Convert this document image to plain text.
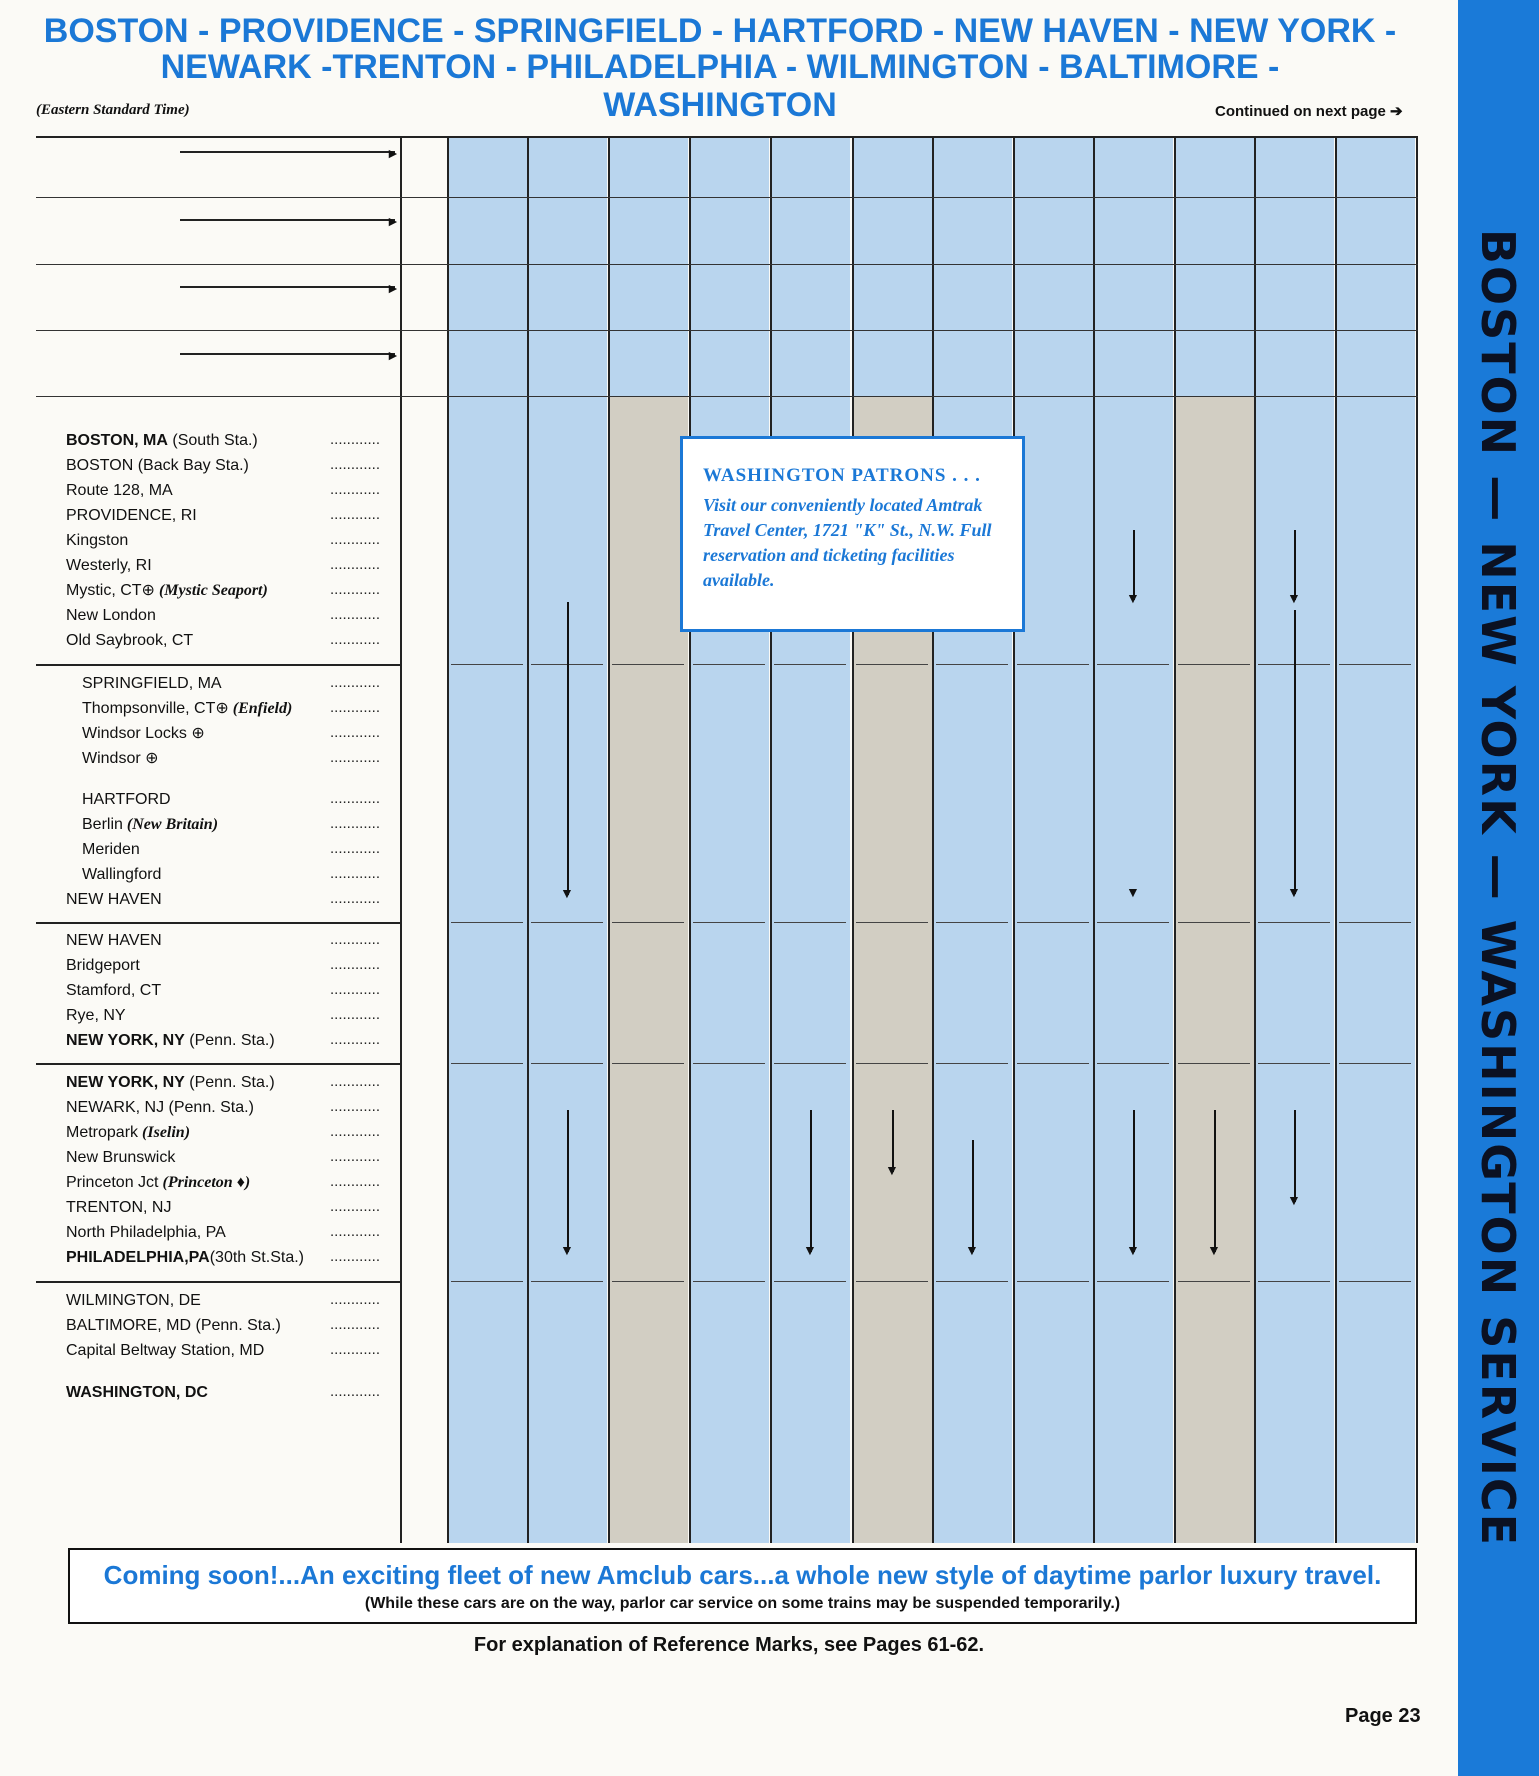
BOSTON - PROVIDENCE - SPRINGFIELD - HARTFORD - NEW HAVEN - NEW YORK -
NEWARK -TRENTON - PHILADELPHIA - WILMINGTON - BALTIMORE - WASHINGTON
(Eastern Standard Time)	Continued on next page ➔
BOSTON — NEW YORK — WASHINGTON SERVICE
►
►
►
►
BOSTON, MA (South Sta.)	............
BOSTON (Back Bay Sta.)	............
Route 128, MA	............
PROVIDENCE, RI	............
Kingston	............
Westerly, RI	............
Mystic, CT⊕ (Mystic Seaport)	............
New London	............
Old Saybrook, CT	............
SPRINGFIELD, MA	............
Thompsonville, CT⊕ (Enfield)	............
Windsor Locks ⊕	............
Windsor ⊕	............
HARTFORD	............
Berlin (New Britain)	............
Meriden	............
Wallingford	............
NEW HAVEN	............
NEW HAVEN	............
Bridgeport	............
Stamford, CT	............
Rye, NY	............
NEW YORK, NY (Penn. Sta.)	............
NEW YORK, NY (Penn. Sta.)	............
NEWARK, NJ (Penn. Sta.)	............
Metropark (Iselin)	............
New Brunswick	............
Princeton Jct (Princeton ♦)	............
TRENTON, NJ	............
North Philadelphia, PA	............
PHILADELPHIA,PA(30th St.Sta.)	............
WILMINGTON, DE	............
BALTIMORE, MD (Penn. Sta.)	............
Capital Beltway Station, MD	............
WASHINGTON, DC	............
▼
▼	▼
▼	▼
▼	▼
▼
▼	▼	▼
▼
WASHINGTON PATRONS . . .
Visit our conveniently located Amtrak Travel Center, 1721 "K" St., N.W. Full reservation and ticketing facilities available.
Coming soon!...An exciting fleet of new Amclub cars...a whole new style of daytime parlor luxury travel.
(While these cars are on the way, parlor car service on some trains may be suspended temporarily.)
For explanation of Reference Marks, see Pages 61-62.
Page 23
